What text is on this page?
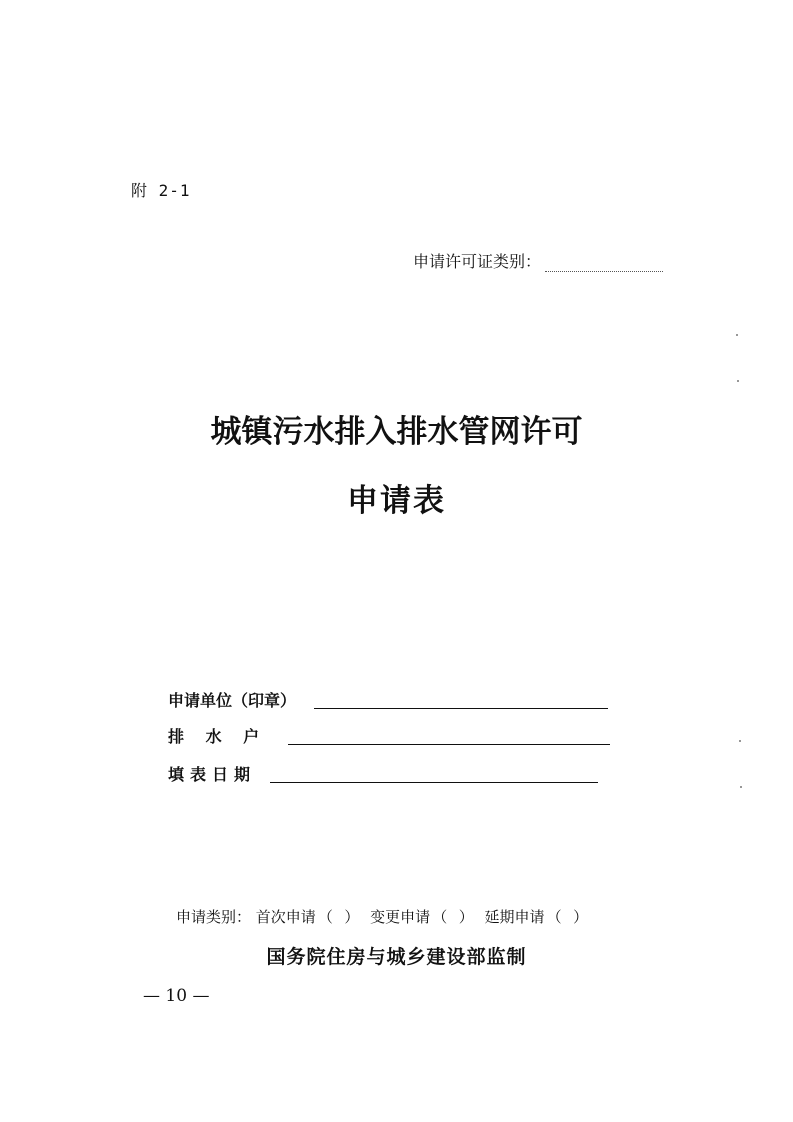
附 2-1
申请许可证类别：
城镇污水排入排水管网许可
申请表
申请单位（印章）
排 水 户
填表日期
申请类别： 首次申请 （ ） 变更申请 （ ） 延期申请 （ ）
国务院住房与城乡建设部监制
— 10 —
